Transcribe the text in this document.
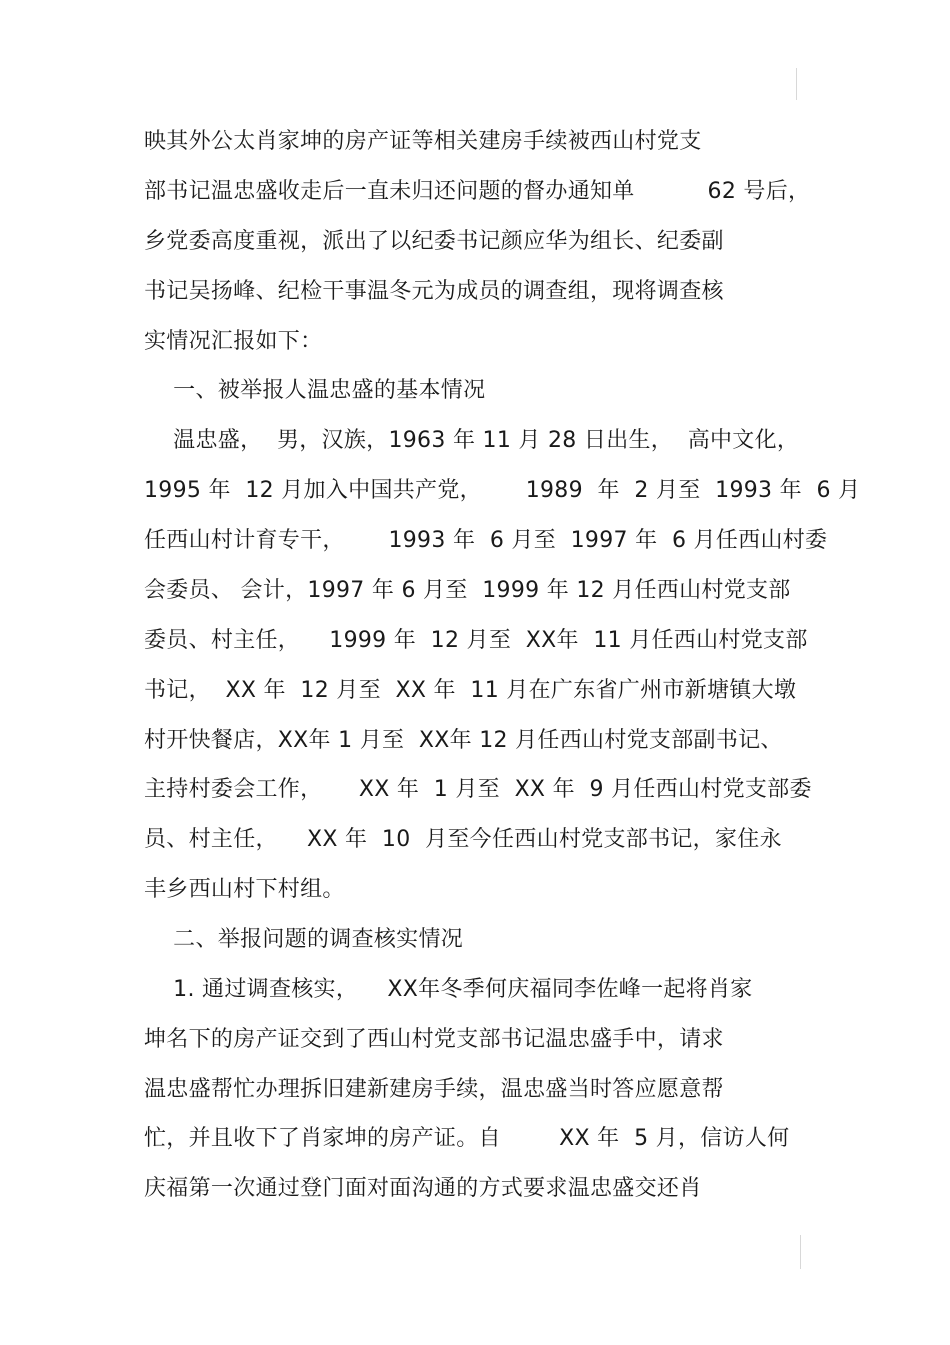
映其外公太肖家坤的房产证等相关建房手续被西山村党支
部书记温忠盛收走后一直未归还问题的督办通知单          62 号后，
乡党委高度重视，派出了以纪委书记颜应华为组长、纪委副
书记吴扬峰、纪检干事温冬元为成员的调查组，现将调查核
实情况汇报如下：
一、被举报人温忠盛的基本情况
温忠盛，  男，汉族，1963 年 11 月 28 日出生，  高中文化，
1995 年  12 月加入中国共产党，      1989  年  2 月至  1993 年  6 月
任西山村计育专干，      1993 年  6 月至  1997 年  6 月任西山村委
会委员、 会计，1997 年 6 月至  1999 年 12 月任西山村党支部
委员、村主任，    1999 年  12 月至  XX年  11 月任西山村党支部
书记，  XX 年  12 月至  XX 年  11 月在广东省广州市新塘镇大墩
村开快餐店，XX年 1 月至  XX年 12 月任西山村党支部副书记、
主持村委会工作，     XX 年  1 月至  XX 年  9 月任西山村党支部委
员、村主任，    XX 年  10  月至今任西山村党支部书记，家住永
丰乡西山村下村组。
二、举报问题的调查核实情况
1. 通过调查核实，    XX年冬季何庆福同李佐峰一起将肖家
坤名下的房产证交到了西山村党支部书记温忠盛手中，请求
温忠盛帮忙办理拆旧建新建房手续，温忠盛当时答应愿意帮
忙，并且收下了肖家坤的房产证。自        XX 年  5 月，信访人何
庆福第一次通过登门面对面沟通的方式要求温忠盛交还肖
